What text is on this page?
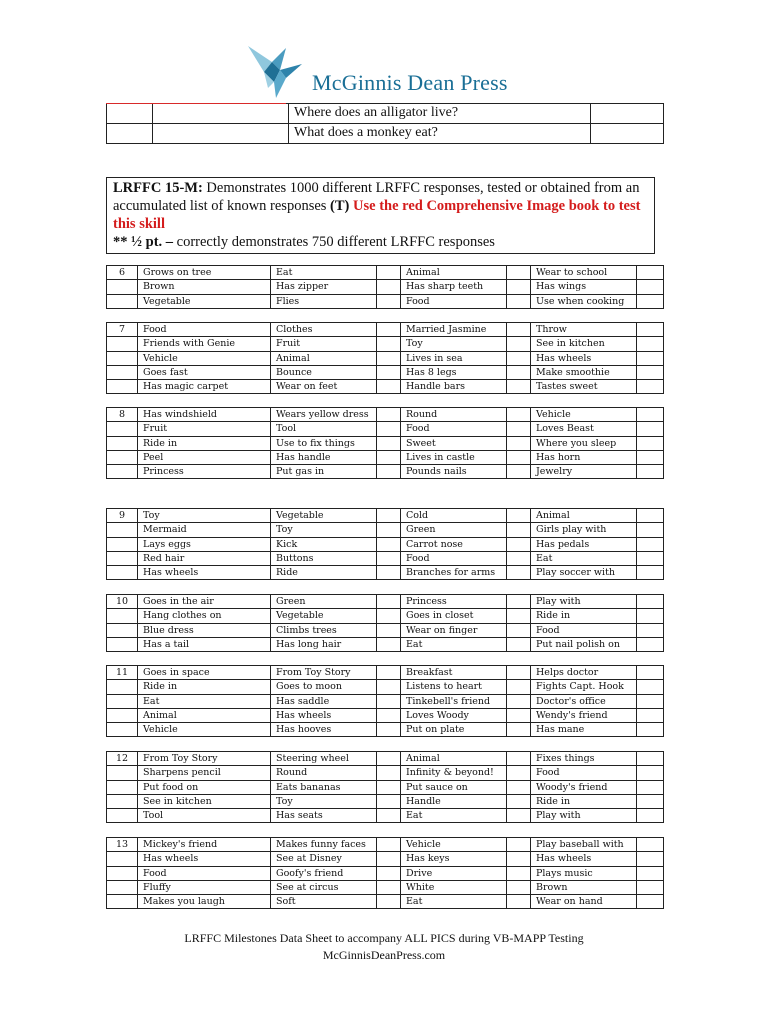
McGinnis Dean Press
		Where does an alligator live?	
		What does a monkey eat?	
LRFFC 15-M: Demonstrates 1000 different LRFFC responses, tested or obtained from an accumulated list of known responses (T) Use the red Comprehensive Image book to test this skill
** ½ pt. – correctly demonstrates 750 different LRFFC responses
6	Grows on tree	Eat		Animal		Wear to school	
	Brown	Has zipper		Has sharp teeth		Has wings	
	Vegetable	Flies		Food		Use when cooking	
7	Food	Clothes		Married Jasmine		Throw	
	Friends with Genie	Fruit		Toy		See in kitchen	
	Vehicle	Animal		Lives in sea		Has wheels	
	Goes fast	Bounce		Has 8 legs		Make smoothie	
	Has magic carpet	Wear on feet		Handle bars		Tastes sweet	
8	Has windshield	Wears yellow dress		Round		Vehicle	
	Fruit	Tool		Food		Loves Beast	
	Ride in	Use to fix things		Sweet		Where you sleep	
	Peel	Has handle		Lives in castle		Has horn	
	Princess	Put gas in		Pounds nails		Jewelry	
9	Toy	Vegetable		Cold		Animal	
	Mermaid	Toy		Green		Girls play with	
	Lays eggs	Kick		Carrot nose		Has pedals	
	Red hair	Buttons		Food		Eat	
	Has wheels	Ride		Branches for arms		Play soccer with	
10	Goes in the air	Green		Princess		Play with	
	Hang clothes on	Vegetable		Goes in closet		Ride in	
	Blue dress	Climbs trees		Wear on finger		Food	
	Has a tail	Has long hair		Eat		Put nail polish on	
11	Goes in space	From Toy Story		Breakfast		Helps doctor	
	Ride in	Goes to moon		Listens to heart		Fights Capt. Hook	
	Eat	Has saddle		Tinkebell's friend		Doctor's office	
	Animal	Has wheels		Loves Woody		Wendy's friend	
	Vehicle	Has hooves		Put on plate		Has mane	
12	From Toy Story	Steering wheel		Animal		Fixes things	
	Sharpens pencil	Round		Infinity & beyond!		Food	
	Put food on	Eats bananas		Put sauce on		Woody's friend	
	See in kitchen	Toy		Handle		Ride in	
	Tool	Has seats		Eat		Play with	
13	Mickey's friend	Makes funny faces		Vehicle		Play baseball with	
	Has wheels	See at Disney		Has keys		Has wheels	
	Food	Goofy's friend		Drive		Plays music	
	Fluffy	See at circus		White		Brown	
	Makes you laugh	Soft		Eat		Wear on hand	
LRFFC Milestones Data Sheet to accompany ALL PICS during VB-MAPP Testing
McGinnisDeanPress.com
